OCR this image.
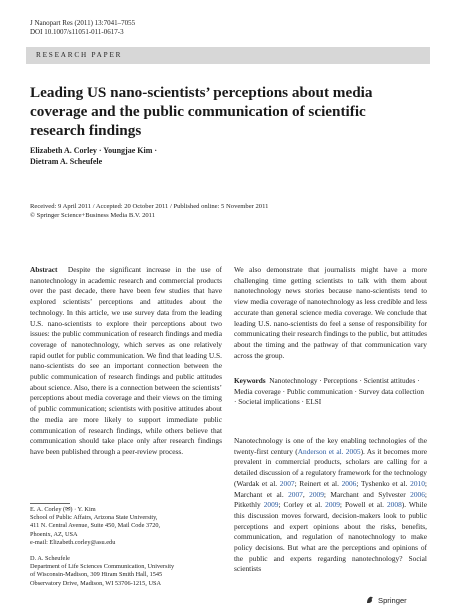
J Nanopart Res (2011) 13:7041–7055
DOI 10.1007/s11051-011-0617-3
RESEARCH PAPER
Leading US nano-scientists’ perceptions about media coverage and the public communication of scientific research findings
Elizabeth A. Corley · Youngjae Kim ·
Dietram A. Scheufele
Received: 9 April 2011 / Accepted: 20 October 2011 / Published online: 5 November 2011
© Springer Science+Business Media B.V. 2011
Abstract Despite the significant increase in the use of nanotechnology in academic research and commercial products over the past decade, there have been few studies that have explored scientists’ perceptions and attitudes about the technology. In this article, we use survey data from the leading U.S. nano-scientists to explore their perceptions about two issues: the public communication of research findings and media coverage of nanotechnology, which serves as one relatively rapid outlet for public communication. We find that leading U.S. nano-scientists do see an important connection between the public communication of research findings and public attitudes about science. Also, there is a connection between the scientists’ perceptions about media coverage and their views on the timing of public communication; scientists with positive attitudes about the media are more likely to support immediate public communication of research findings, while others believe that communication should take place only after research findings have been published through a peer-review process.
We also demonstrate that journalists might have a more challenging time getting scientists to talk with them about nanotechnology news stories because nano-scientists tend to view media coverage of nanotechnology as less credible and less accurate than general science media coverage. We conclude that leading U.S. nano-scientists do feel a sense of responsibility for communicating their research findings to the public, but attitudes about the timing and the pathway of that communication vary across the group.
Keywords Nanotechnology · Perceptions · Scientist attitudes · Media coverage · Public communication · Survey data collection · Societal implications · ELSI
Nanotechnology is one of the key enabling technologies of the twenty-first century (Anderson et al. 2005). As it becomes more prevalent in commercial products, scholars are calling for a detailed discussion of a regulatory framework for the technology (Wardak et al. 2007; Reinert et al. 2006; Tyshenko et al. 2010; Marchant et al. 2007, 2009; Marchant and Sylvester 2006; Pitkethly 2009; Corley et al. 2009; Powell et al. 2008). While this discussion moves forward, decision-makers look to public perceptions and expert opinions about the risks, benefits, communication, and regulation of nanotechnology to make policy decisions. But what are the perceptions and opinions of the public and experts regarding nanotechnology? Social scientists
E. A. Corley (✉) · Y. Kim
School of Public Affairs, Arizona State University,
411 N. Central Avenue, Suite 450, Mail Code 3720,
Phoenix, AZ, USA
e-mail: Elizabeth.corley@asu.edu
D. A. Scheufele
Department of Life Sciences Communication, University
of Wisconsin-Madison, 309 Hiram Smith Hall, 1545
Observatory Drive, Madison, WI 53706-1215, USA
Springer
